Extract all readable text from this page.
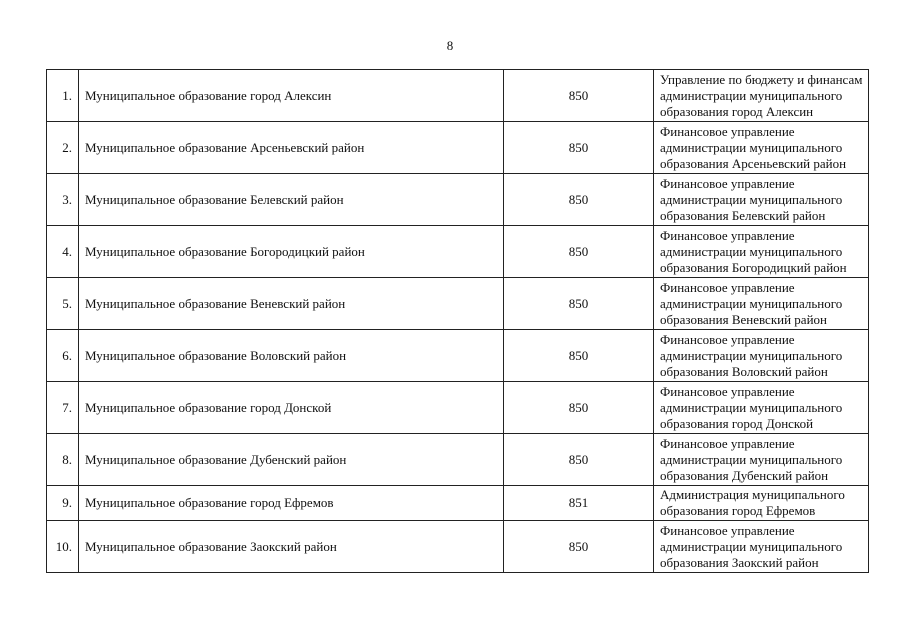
8
1.	Муниципальное образование город Алексин	850	Управление по бюджету и финансам
администрации муниципального
образования город Алексин

2.	Муниципальное образование Арсеньевский район	850	Финансовое управление
администрации муниципального
образования Арсеньевский район

3.	Муниципальное образование Белевский район	850	Финансовое управление
администрации муниципального
образования Белевский район

4.	Муниципальное образование Богородицкий район	850	Финансовое управление
администрации муниципального
образования Богородицкий район

5.	Муниципальное образование Веневский район	850	Финансовое управление
администрации муниципального
образования Веневский район

6.	Муниципальное образование Воловский район	850	Финансовое управление
администрации муниципального
образования Воловский район

7.	Муниципальное образование город Донской	850	Финансовое управление
администрации муниципального
образования город Донской

8.	Муниципальное образование Дубенский район	850	Финансовое управление
администрации муниципального
образования Дубенский район

9.	Муниципальное образование город Ефремов	851	Администрация муниципального
образования город Ефремов

10.	Муниципальное образование Заокский район	850	Финансовое управление
администрации муниципального
образования Заокский район
